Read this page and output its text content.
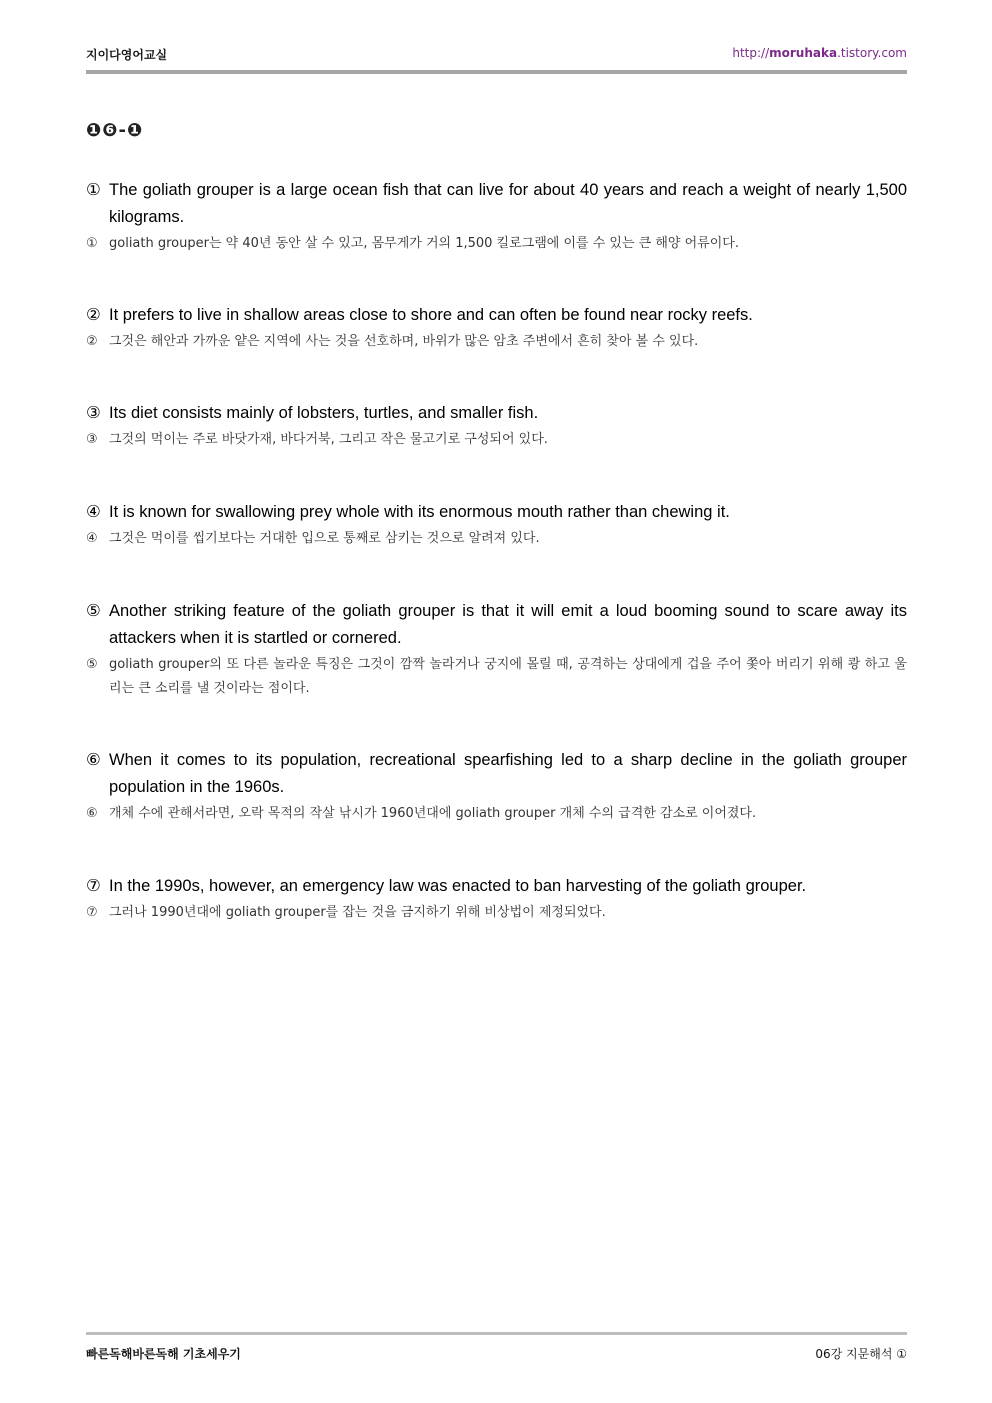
지이다영어교실	http://moruhaka.tistory.com
❶❻-❶
① The goliath grouper is a large ocean fish that can live for about 40 years and reach a weight of nearly 1,500 kilograms.
① goliath grouper는 약 40년 동안 살 수 있고, 몸무게가 거의 1,500 킬로그램에 이를 수 있는 큰 해양 어류이다.
② It prefers to live in shallow areas close to shore and can often be found near rocky reefs.
② 그것은 해안과 가까운 얕은 지역에 사는 것을 선호하며, 바위가 많은 암초 주변에서 흔히 찾아 볼 수 있다.
③ Its diet consists mainly of lobsters, turtles, and smaller fish.
③ 그것의 먹이는 주로 바닷가재, 바다거북, 그리고 작은 물고기로 구성되어 있다.
④ It is known for swallowing prey whole with its enormous mouth rather than chewing it.
④ 그것은 먹이를 씹기보다는 거대한 입으로 통째로 삼키는 것으로 알려져 있다.
⑤ Another striking feature of the goliath grouper is that it will emit a loud booming sound to scare away its attackers when it is startled or cornered.
⑤ goliath grouper의 또 다른 놀라운 특징은 그것이 깜짝 놀라거나 궁지에 몰릴 때, 공격하는 상대에게 겁을 주어 쫓아 버리기 위해 쾅 하고 울리는 큰 소리를 낼 것이라는 점이다.
⑥ When it comes to its population, recreational spearfishing led to a sharp decline in the goliath grouper population in the 1960s.
⑥ 개체 수에 관해서라면, 오락 목적의 작살 낚시가 1960년대에 goliath grouper 개체 수의 급격한 감소로 이어졌다.
⑦ In the 1990s, however, an emergency law was enacted to ban harvesting of the goliath grouper.
⑦ 그러나 1990년대에 goliath grouper를 잡는 것을 금지하기 위해 비상법이 제정되었다.
빠른독해바른독해 기초세우기	06강 지문해석 ①
